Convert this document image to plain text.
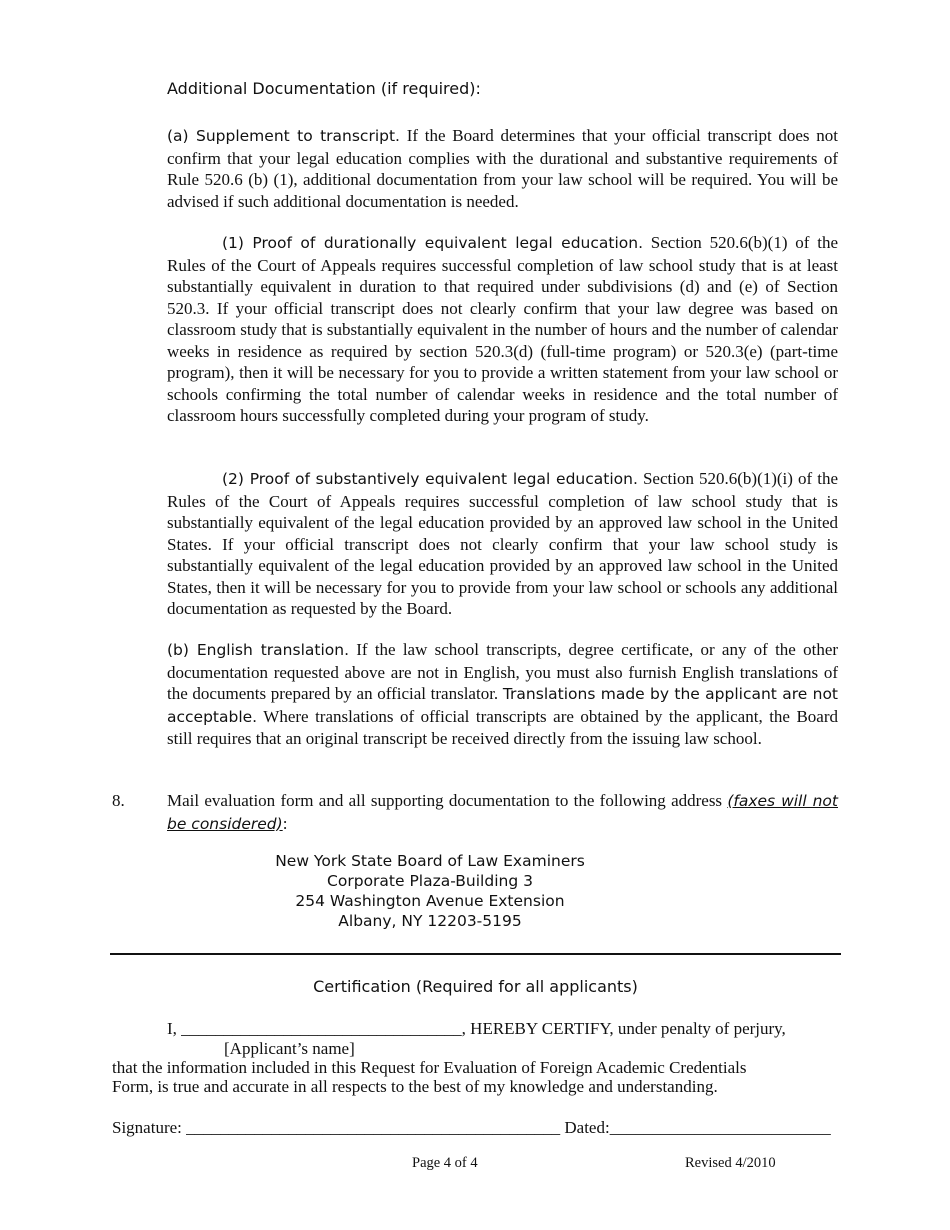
Additional Documentation (if required):
(a) Supplement to transcript. If the Board determines that your official transcript does not confirm that your legal education complies with the durational and substantive requirements of Rule 520.6 (b) (1), additional documentation from your law school will be required. You will be advised if such additional documentation is needed.
(1) Proof of durationally equivalent legal education. Section 520.6(b)(1) of the Rules of the Court of Appeals requires successful completion of law school study that is at least substantially equivalent in duration to that required under subdivisions (d) and (e) of Section 520.3. If your official transcript does not clearly confirm that your law degree was based on classroom study that is substantially equivalent in the number of hours and the number of calendar weeks in residence as required by section 520.3(d) (full-time program) or 520.3(e) (part-time program), then it will be necessary for you to provide a written statement from your law school or schools confirming the total number of calendar weeks in residence and the total number of classroom hours successfully completed during your program of study.
(2) Proof of substantively equivalent legal education. Section 520.6(b)(1)(i) of the Rules of the Court of Appeals requires successful completion of law school study that is substantially equivalent of the legal education provided by an approved law school in the United States. If your official transcript does not clearly confirm that your law school study is substantially equivalent of the legal education provided by an approved law school in the United States, then it will be necessary for you to provide from your law school or schools any additional documentation as requested by the Board.
(b) English translation. If the law school transcripts, degree certificate, or any of the other documentation requested above are not in English, you must also furnish English translations of the documents prepared by an official translator. Translations made by the applicant are not acceptable. Where translations of official transcripts are obtained by the applicant, the Board still requires that an original transcript be received directly from the issuing law school.
8. Mail evaluation form and all supporting documentation to the following address (faxes will not be considered):
New York State Board of Law Examiners
Corporate Plaza-Building 3
254 Washington Avenue Extension
Albany, NY 12203-5195
Certification (Required for all applicants)
I, _________________________________, HEREBY CERTIFY, under penalty of perjury,
[Applicant’s name]
that the information included in this Request for Evaluation of Foreign Academic Credentials Form, is true and accurate in all respects to the best of my knowledge and understanding.
Signature: ____________________________________________ Dated:__________________________
Page 4 of 4	Revised 4/2010
